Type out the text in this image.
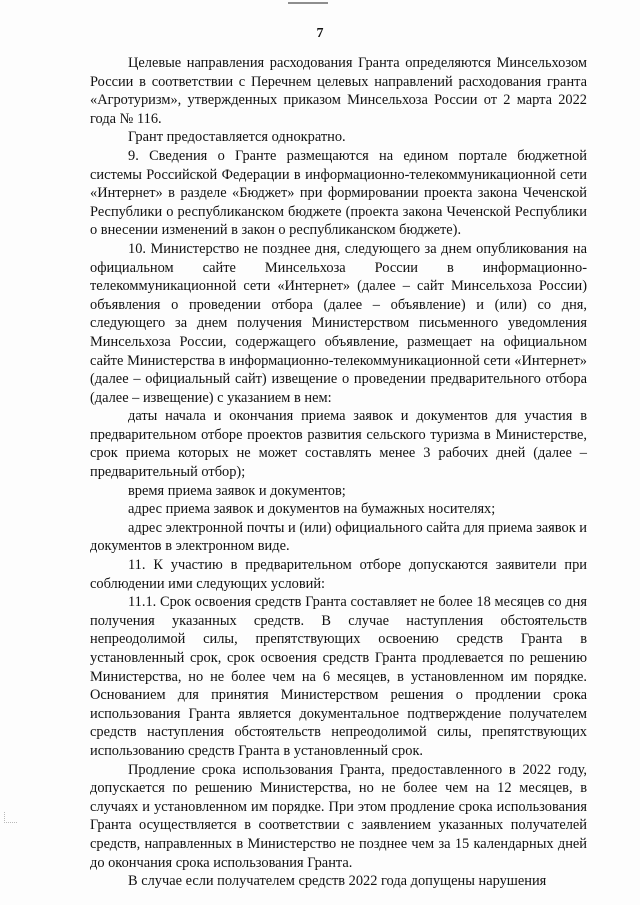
7

Целевые направления расходования Гранта определяются Минсельхозом России в соответствии с Перечнем целевых направлений расходования гранта «Агротуризм», утвержденных приказом Минсельхоза России от 2 марта 2022 года № 116.

Грант предоставляется однократно.

9. Сведения о Гранте размещаются на едином портале бюджетной системы Российской Федерации в информационно-телекоммуникационной сети «Интернет» в разделе «Бюджет» при формировании проекта закона Чеченской Республики о республиканском бюджете (проекта закона Чеченской Республики о внесении изменений в закон о республиканском бюджете).

10. Министерство не позднее дня, следующего за днем опубликования на официальном сайте Минсельхоза России в информационно-телекоммуникационной сети «Интернет» (далее – сайт Минсельхоза России) объявления о проведении отбора (далее – объявление) и (или) со дня, следующего за днем получения Министерством письменного уведомления Минсельхоза России, содержащего объявление, размещает на официальном сайте Министерства в информационно-телекоммуникационной сети «Интернет» (далее – официальный сайт) извещение о проведении предварительного отбора (далее – извещение) с указанием в нем:

даты начала и окончания приема заявок и документов для участия в предварительном отборе проектов развития сельского туризма в Министерстве, срок приема которых не может составлять менее 3 рабочих дней (далее – предварительный отбор);

время приема заявок и документов;

адрес приема заявок и документов на бумажных носителях;

адрес электронной почты и (или) официального сайта для приема заявок и документов в электронном виде.

11. К участию в предварительном отборе допускаются заявители при соблюдении ими следующих условий:

11.1. Срок освоения средств Гранта составляет не более 18 месяцев со дня получения указанных средств. В случае наступления обстоятельств непреодолимой силы, препятствующих освоению средств Гранта в установленный срок, срок освоения средств Гранта продлевается по решению Министерства, но не более чем на 6 месяцев, в установленном им порядке. Основанием для принятия Министерством решения о продлении срока использования Гранта является документальное подтверждение получателем средств наступления обстоятельств непреодолимой силы, препятствующих использованию средств Гранта в установленный срок.

Продление срока использования Гранта, предоставленного в 2022 году, допускается по решению Министерства, но не более чем на 12 месяцев, в случаях и установленном им порядке. При этом продление срока использования Гранта осуществляется в соответствии с заявлением указанных получателей средств, направленных в Министерство не позднее чем за 15 календарных дней до окончания срока использования Гранта.

В случае если получателем средств 2022 года допущены нарушения
